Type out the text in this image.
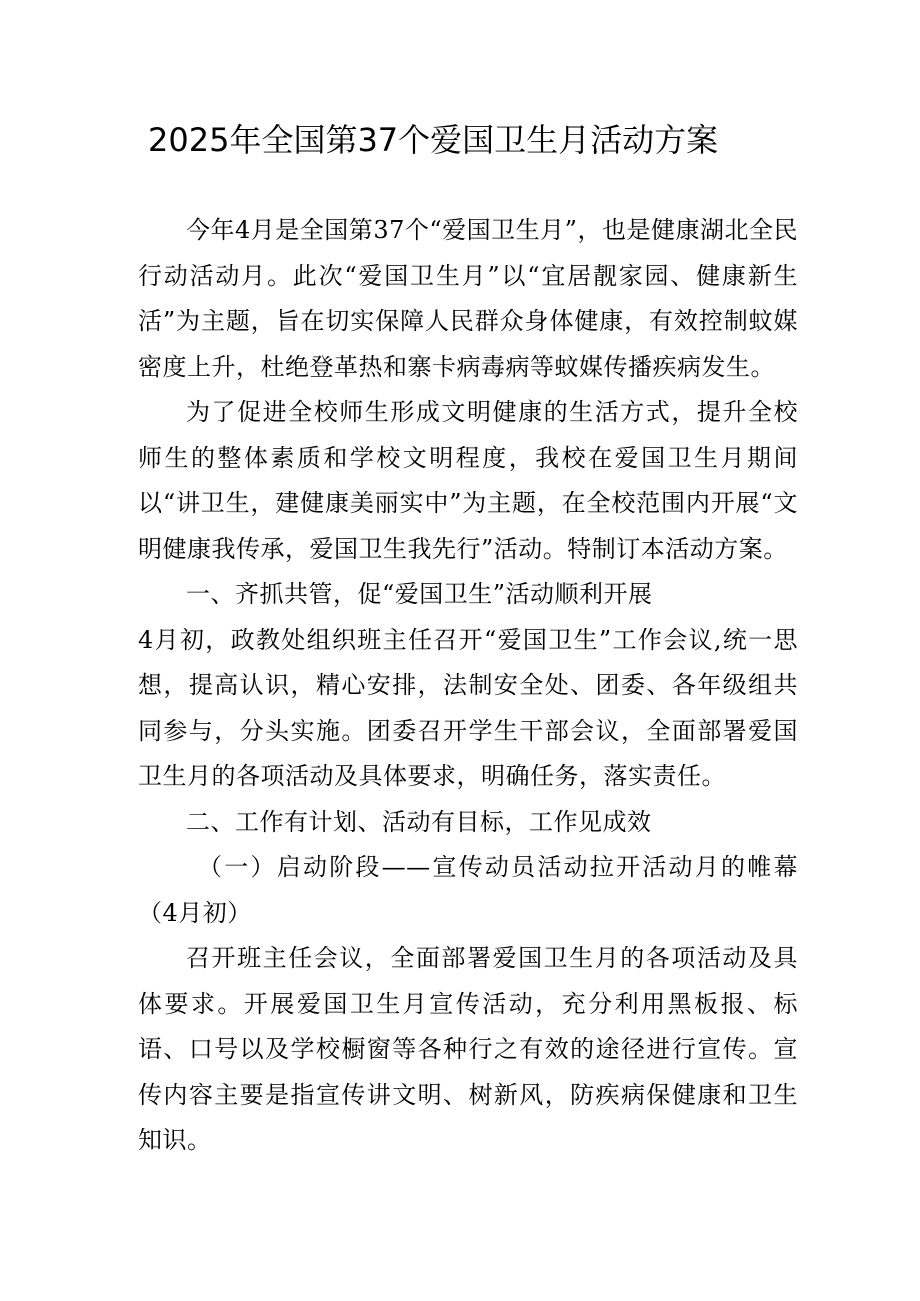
2025年全国第37个爱国卫生月活动方案

今年4月是全国第37个“爱国卫生月”，也是健康湖北全民行动活动月。此次“爱国卫生月”以“宜居靓家园、健康新生活”为主题，旨在切实保障人民群众身体健康，有效控制蚊媒密度上升，杜绝登革热和寨卡病毒病等蚊媒传播疾病发生。

为了促进全校师生形成文明健康的生活方式，提升全校师生的整体素质和学校文明程度，我校在爱国卫生月期间以“讲卫生，建健康美丽实中”为主题，在全校范围内开展“文明健康我传承，爱国卫生我先行”活动。特制订本活动方案。

一、齐抓共管，促“爱国卫生”活动顺利开展

4月初，政教处组织班主任召开“爱国卫生”工作会议,统一思想，提高认识，精心安排，法制安全处、团委、各年级组共同参与，分头实施。团委召开学生干部会议，全面部署爱国卫生月的各项活动及具体要求，明确任务，落实责任。

二、工作有计划、活动有目标，工作见成效

（一）启动阶段——宣传动员活动拉开活动月的帷幕（4月初）

召开班主任会议，全面部署爱国卫生月的各项活动及具体要求。开展爱国卫生月宣传活动，充分利用黑板报、标语、口号以及学校橱窗等各种行之有效的途径进行宣传。宣传内容主要是指宣传讲文明、树新风，防疾病保健康和卫生知识。
